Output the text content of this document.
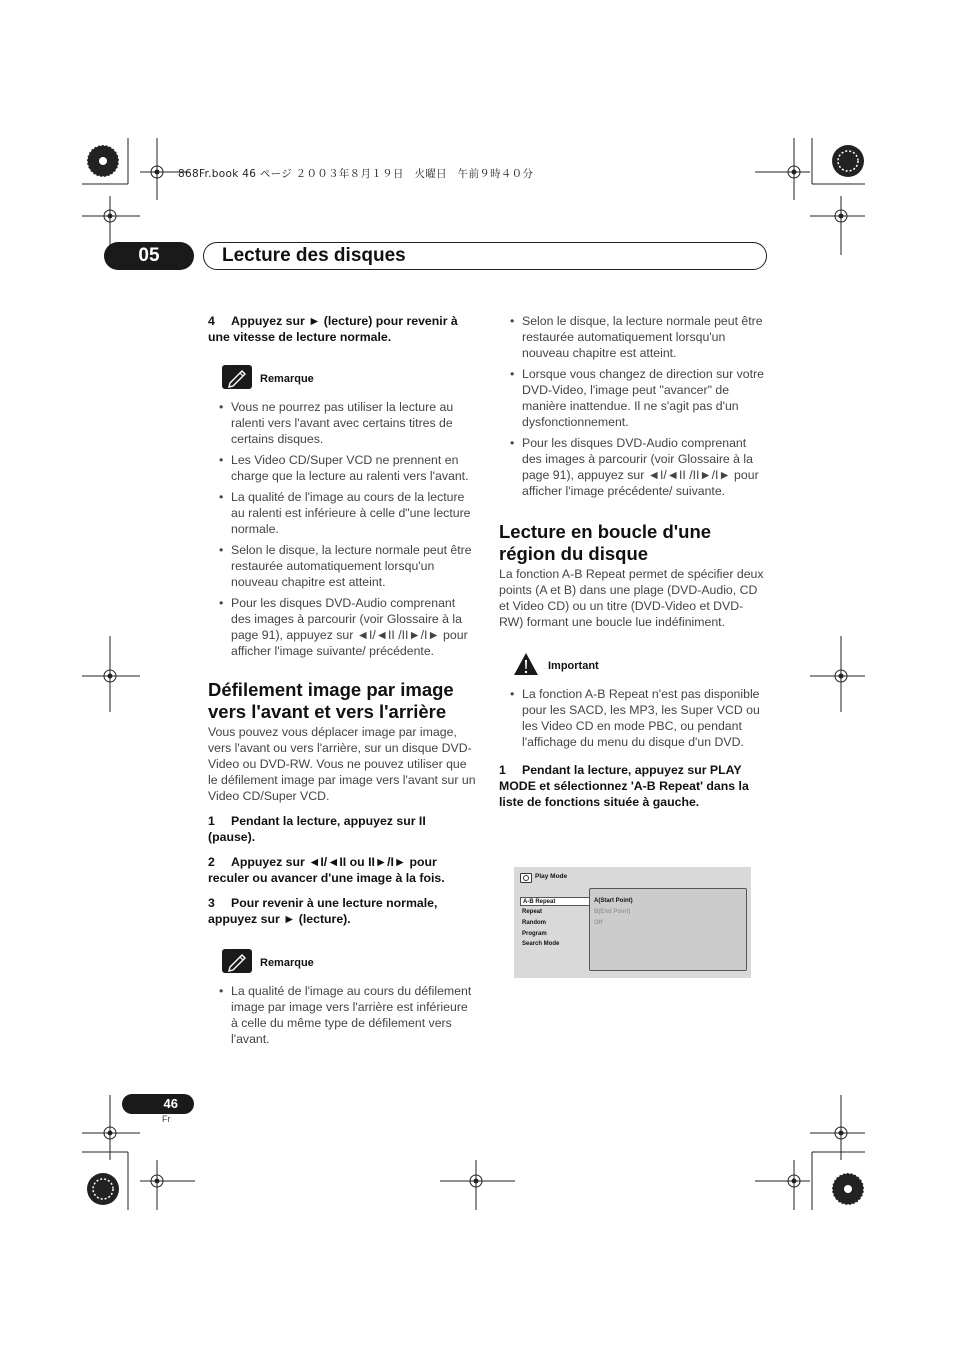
868Fr.book 46 ページ ２００３年８月１９日　火曜日　午前９時４０分
05	Lecture des disques

4 Appuyez sur ► (lecture) pour revenir à une vitesse de lecture normale.

Remarque

• Vous ne pourrez pas utiliser la lecture au ralenti vers l'avant avec certains titres de certains disques.

• Les Video CD/Super VCD ne prennent en charge que la lecture au ralenti vers l'avant.

• La qualité de l'image au cours de la lecture au ralenti est inférieure à celle d"une lecture normale.

• Selon le disque, la lecture normale peut être restaurée automatiquement lorsqu'un nouveau chapitre est atteint.

• Pour les disques DVD-Audio comprenant des images à parcourir (voir Glossaire à la page 91), appuyez sur ◄I/◄II /II►/I► pour afficher l'image suivante/ précédente.

Défilement image par image vers l'avant et vers l'arrière

Vous pouvez vous déplacer image par image, vers l'avant ou vers l'arrière, sur un disque DVD-Video ou DVD-RW. Vous ne pouvez utiliser que le défilement image par image vers l'avant sur un Video CD/Super VCD.

1 Pendant la lecture, appuyez sur II (pause).

2 Appuyez sur ◄I/◄II ou II►/I► pour reculer ou avancer d'une image à la fois.

3 Pour revenir à une lecture normale, appuyez sur ► (lecture).

Remarque

• La qualité de l'image au cours du défilement image par image vers l'arrière est inférieure à celle du même type de défilement vers l'avant.

• Selon le disque, la lecture normale peut être restaurée automatiquement lorsqu'un nouveau chapitre est atteint.

• Lorsque vous changez de direction sur votre DVD-Video, l'image peut "avancer" de manière inattendue. Il ne s'agit pas d'un dysfonctionnement.

• Pour les disques DVD-Audio comprenant des images à parcourir (voir Glossaire à la page 91), appuyez sur ◄I/◄II /II►/I► pour afficher l'image précédente/ suivante.

Lecture en boucle d'une région du disque

La fonction A-B Repeat permet de spécifier deux points (A et B) dans une plage (DVD-Audio, CD et Video CD) ou un titre (DVD-Video et DVD-RW) formant une boucle lue indéfiniment.

Important

• La fonction A-B Repeat n'est pas disponible pour les SACD, les MP3, les Super VCD ou les Video CD en mode PBC, ou pendant l'affichage du menu du disque d'un DVD.

1 Pendant la lecture, appuyez sur PLAY MODE et sélectionnez 'A-B Repeat' dans la liste de fonctions située à gauche.

Play Mode
A-B Repeat
Repeat
Random
Program
Search Mode
A(Start Point)
B(End Point)
Off
46
Fr
